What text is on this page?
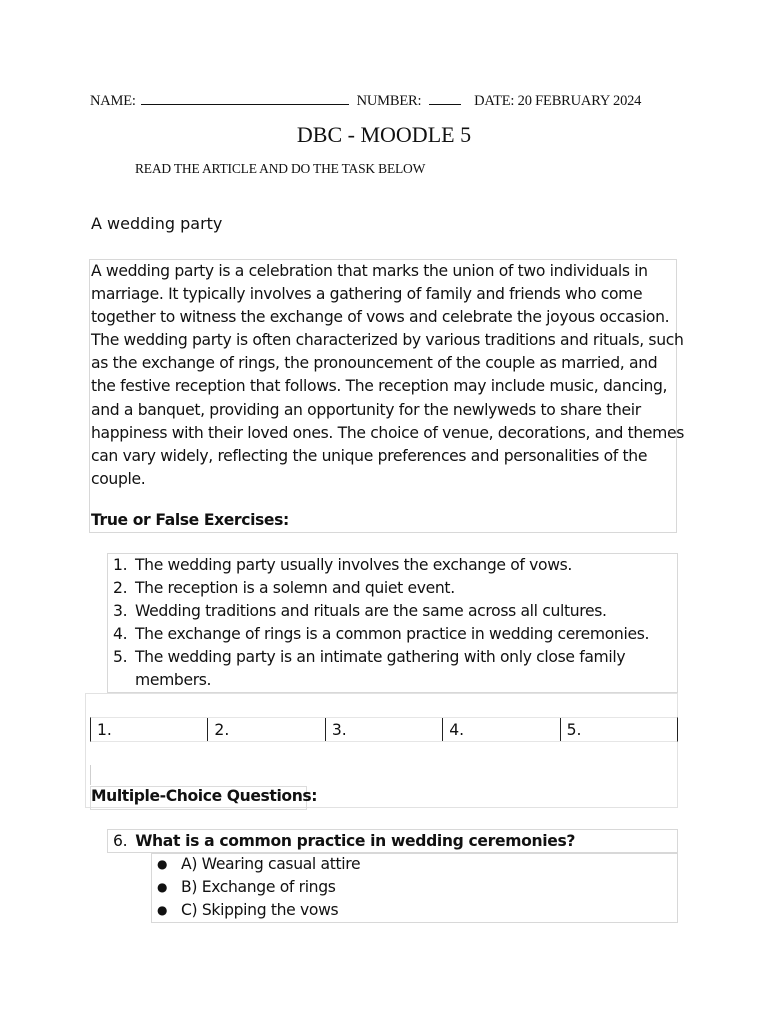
NAME:	NUMBER:	DATE: 20 FEBRUARY 2024
DBC - MOODLE 5
READ THE ARTICLE AND DO THE TASK BELOW
A wedding party

A wedding party is a celebration that marks the union of two individuals in
marriage. It typically involves a gathering of family and friends who come
together to witness the exchange of vows and celebrate the joyous occasion.
The wedding party is often characterized by various traditions and rituals, such
as the exchange of rings, the pronouncement of the couple as married, and
the festive reception that follows. The reception may include music, dancing,
and a banquet, providing an opportunity for the newlyweds to share their
happiness with their loved ones. The choice of venue, decorations, and themes
can vary widely, reflecting the unique preferences and personalities of the
couple.

True or False Exercises:
1. The wedding party usually involves the exchange of vows.
2. The reception is a solemn and quiet event.
3. Wedding traditions and rituals are the same across all cultures.
4. The exchange of rings is a common practice in wedding ceremonies.
5. The wedding party is an intimate gathering with only close family
members.
1.	2.	3.	4.	5.
Multiple-Choice Questions:
6. What is a common practice in wedding ceremonies?
● A) Wearing casual attire
● B) Exchange of rings
● C) Skipping the vows
